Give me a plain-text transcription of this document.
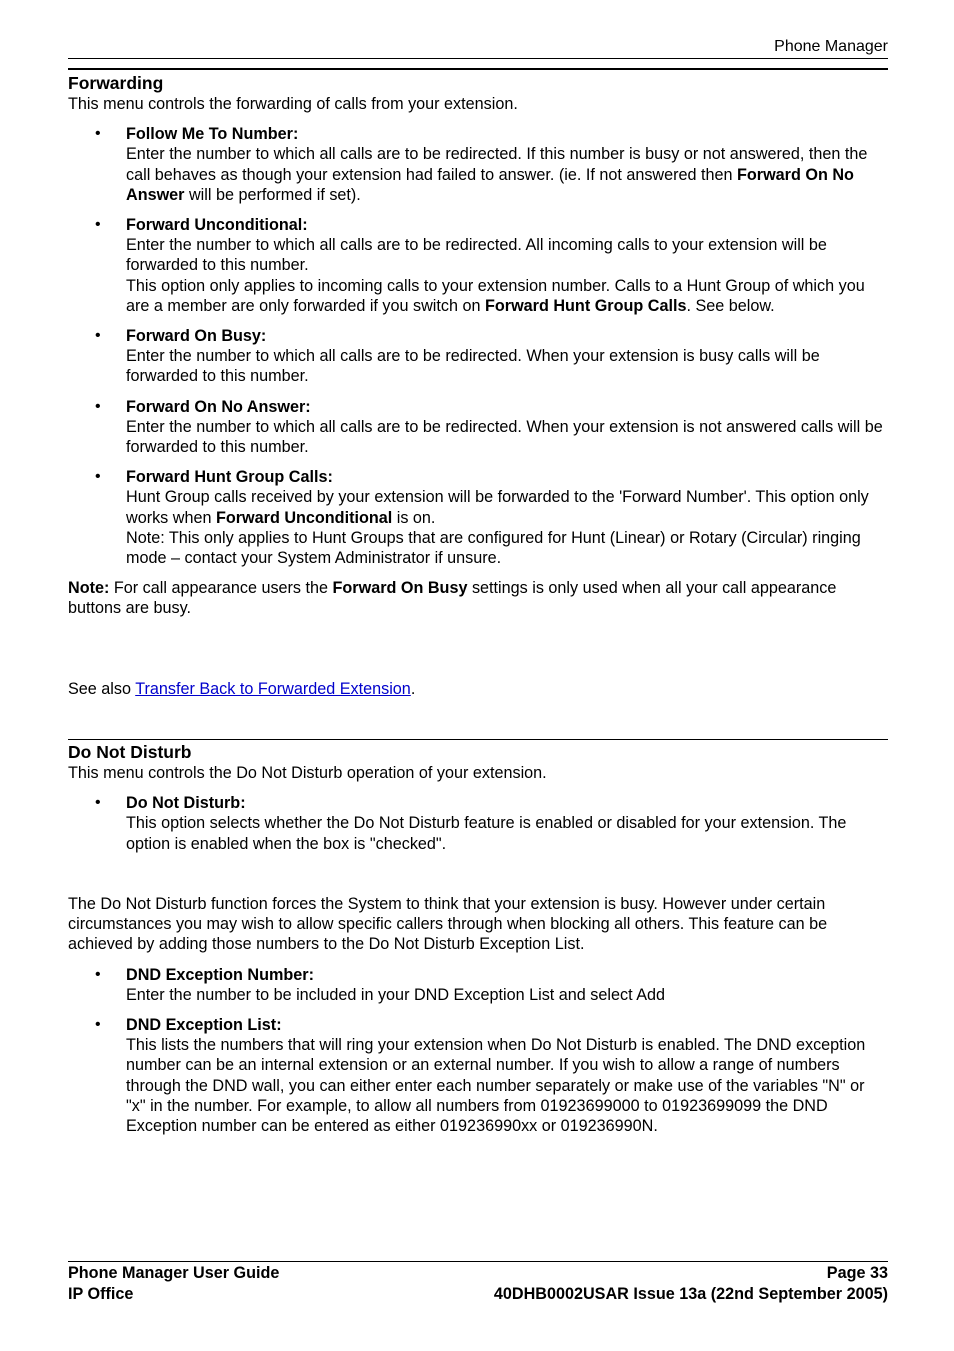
Phone Manager
Forwarding

This menu controls the forwarding of calls from your extension.

• Follow Me To Number:
Enter the number to which all calls are to be redirected. If this number is busy or not answered, then the call behaves as though your extension had failed to answer. (ie. If not answered then Forward On No Answer will be performed if set).
• Forward Unconditional:
Enter the number to which all calls are to be redirected. All incoming calls to your extension will be forwarded to this number.
This option only applies to incoming calls to your extension number. Calls to a Hunt Group of which you are a member are only forwarded if you switch on Forward Hunt Group Calls. See below.
• Forward On Busy:
Enter the number to which all calls are to be redirected. When your extension is busy calls will be forwarded to this number.
• Forward On No Answer:
Enter the number to which all calls are to be redirected. When your extension is not answered calls will be forwarded to this number.
• Forward Hunt Group Calls:
Hunt Group calls received by your extension will be forwarded to the 'Forward Number'. This option only works when Forward Unconditional is on.
Note: This only applies to Hunt Groups that are configured for Hunt (Linear) or Rotary (Circular) ringing mode – contact your System Administrator if unsure.

Note: For call appearance users the Forward On Busy settings is only used when all your call appearance buttons are busy.

See also Transfer Back to Forwarded Extension.

Do Not Disturb

This menu controls the Do Not Disturb operation of your extension.

• Do Not Disturb:
This option selects whether the Do Not Disturb feature is enabled or disabled for your extension. The option is enabled when the box is "checked".

The Do Not Disturb function forces the System to think that your extension is busy. However under certain circumstances you may wish to allow specific callers through when blocking all others. This feature can be achieved by adding those numbers to the Do Not Disturb Exception List.

• DND Exception Number:
Enter the number to be included in your DND Exception List and select Add
• DND Exception List:
This lists the numbers that will ring your extension when Do Not Disturb is enabled. The DND exception number can be an internal extension or an external number. If you wish to allow a range of numbers through the DND wall, you can either enter each number separately or make use of the variables "N" or "x" in the number. For example, to allow all numbers from 01923699000 to 01923699099 the DND Exception number can be entered as either 019236990xx or 019236990N.
Phone Manager User Guide	Page 33
IP Office	40DHB0002USAR Issue 13a (22nd September 2005)
